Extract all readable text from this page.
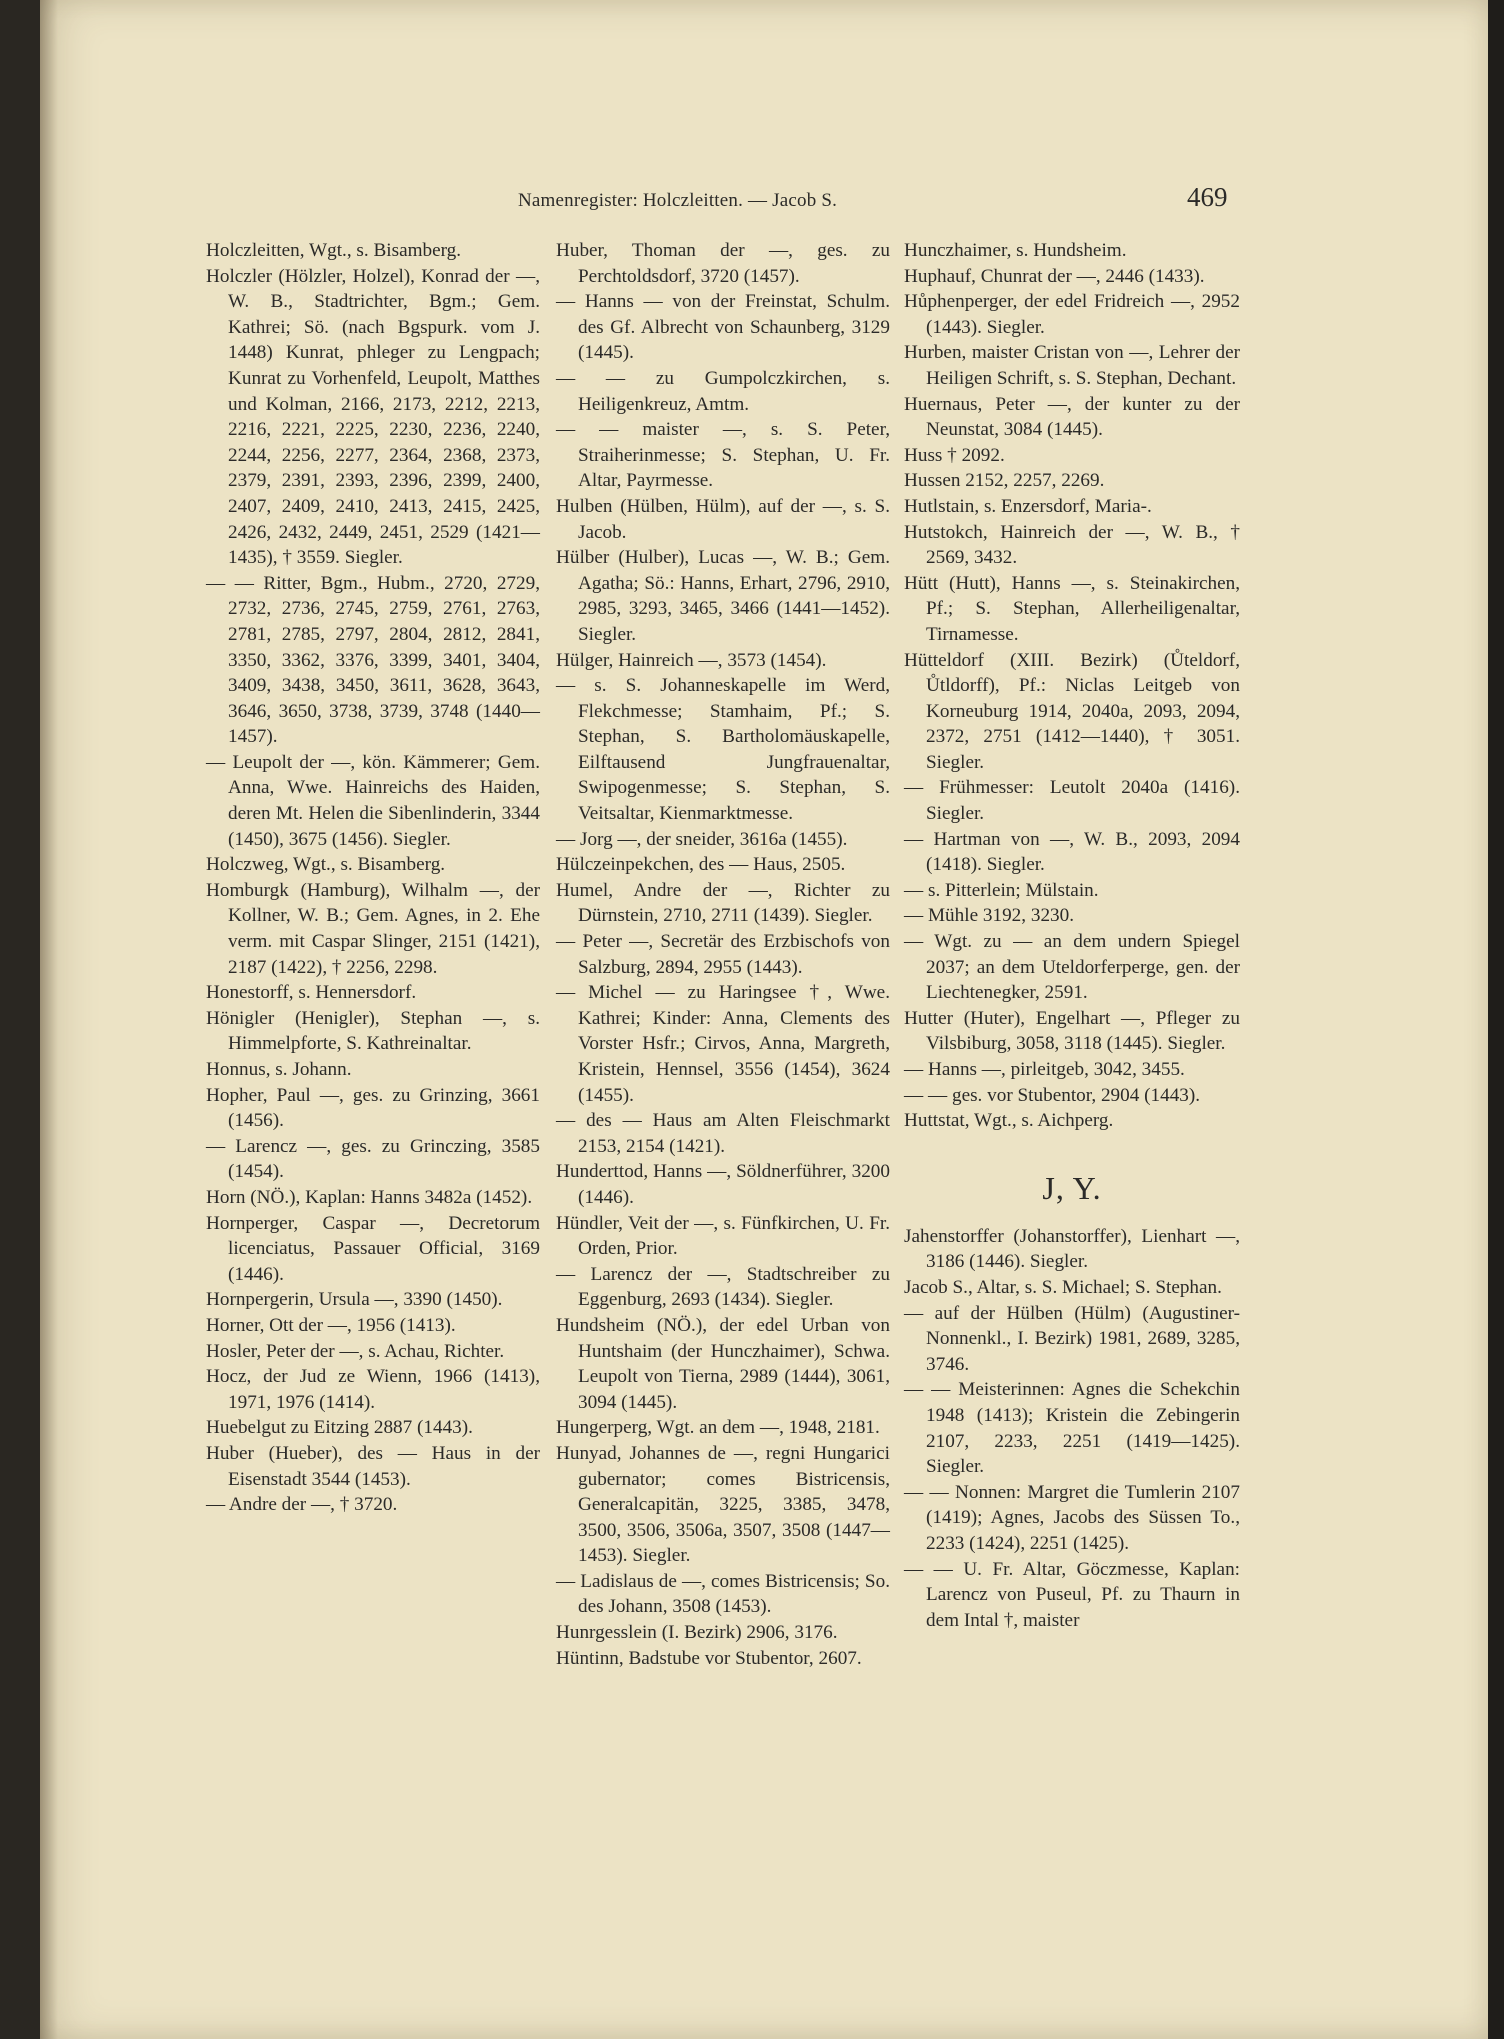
Namenregister: Holczleitten. — Jacob S.	469

Holczleitten, Wgt., s. Bisamberg.

Holczler (Hölzler, Holzel), Konrad der —, W. B., Stadtrichter, Bgm.; Gem. Kathrei; Sö. (nach Bgspurk. vom J. 1448) Kunrat, phleger zu Lengpach; Kunrat zu Vorhenfeld, Leupolt, Matthes und Kolman, 2166, 2173, 2212, 2213, 2216, 2221, 2225, 2230, 2236, 2240, 2244, 2256, 2277, 2364, 2368, 2373, 2379, 2391, 2393, 2396, 2399, 2400, 2407, 2409, 2410, 2413, 2415, 2425, 2426, 2432, 2449, 2451, 2529 (1421—1435), † 3559. Siegler.

— — Ritter, Bgm., Hubm., 2720, 2729, 2732, 2736, 2745, 2759, 2761, 2763, 2781, 2785, 2797, 2804, 2812, 2841, 3350, 3362, 3376, 3399, 3401, 3404, 3409, 3438, 3450, 3611, 3628, 3643, 3646, 3650, 3738, 3739, 3748 (1440—1457).

— Leupolt der —, kön. Kämmerer; Gem. Anna, Wwe. Hainreichs des Haiden, deren Mt. Helen die Sibenlinderin, 3344 (1450), 3675 (1456). Siegler.

Holczweg, Wgt., s. Bisamberg.

Homburgk (Hamburg), Wilhalm —, der Kollner, W. B.; Gem. Agnes, in 2. Ehe verm. mit Caspar Slinger, 2151 (1421), 2187 (1422), † 2256, 2298.

Honestorff, s. Hennersdorf.

Hönigler (Henigler), Stephan —, s. Himmelpforte, S. Kathreinaltar.

Honnus, s. Johann.

Hopher, Paul —, ges. zu Grinzing, 3661 (1456).

— Larencz —, ges. zu Grinczing, 3585 (1454).

Horn (NÖ.), Kaplan: Hanns 3482a (1452).

Hornperger, Caspar —, Decretorum licenciatus, Passauer Official, 3169 (1446).

Hornpergerin, Ursula —, 3390 (1450).

Horner, Ott der —, 1956 (1413).

Hosler, Peter der —, s. Achau, Richter.

Hocz, der Jud ze Wienn, 1966 (1413), 1971, 1976 (1414).

Huebelgut zu Eitzing 2887 (1443).

Huber (Hueber), des — Haus in der Eisenstadt 3544 (1453).

— Andre der —, † 3720.

Huber, Thoman der —, ges. zu Perchtoldsdorf, 3720 (1457).

— Hanns — von der Freinstat, Schulm. des Gf. Albrecht von Schaunberg, 3129 (1445).

— — zu Gumpolczkirchen, s. Heiligenkreuz, Amtm.

— — maister —, s. S. Peter, Straiherinmesse; S. Stephan, U. Fr. Altar, Payrmesse.

Hulben (Hülben, Hülm), auf der —, s. S. Jacob.

Hülber (Hulber), Lucas —, W. B.; Gem. Agatha; Sö.: Hanns, Erhart, 2796, 2910, 2985, 3293, 3465, 3466 (1441—1452). Siegler.

Hülger, Hainreich —, 3573 (1454).

— s. S. Johanneskapelle im Werd, Flekchmesse; Stamhaim, Pf.; S. Stephan, S. Bartholomäuskapelle, Eilftausend Jungfrauenaltar, Swipogenmesse; S. Stephan, S. Veitsaltar, Kienmarktmesse.

— Jorg —, der sneider, 3616a (1455).

Hülczeinpekchen, des — Haus, 2505.

Humel, Andre der —, Richter zu Dürnstein, 2710, 2711 (1439). Siegler.

— Peter —, Secretär des Erzbischofs von Salzburg, 2894, 2955 (1443).

— Michel — zu Haringsee †, Wwe. Kathrei; Kinder: Anna, Clements des Vorster Hsfr.; Cirvos, Anna, Margreth, Kristein, Hennsel, 3556 (1454), 3624 (1455).

— des — Haus am Alten Fleischmarkt 2153, 2154 (1421).

Hunderttod, Hanns —, Söldnerführer, 3200 (1446).

Hündler, Veit der —, s. Fünfkirchen, U. Fr. Orden, Prior.

— Larencz der —, Stadtschreiber zu Eggenburg, 2693 (1434). Siegler.

Hundsheim (NÖ.), der edel Urban von Huntshaim (der Hunczhaimer), Schwa. Leupolt von Tierna, 2989 (1444), 3061, 3094 (1445).

Hungerperg, Wgt. an dem —, 1948, 2181.

Hunyad, Johannes de —, regni Hungarici gubernator; comes Bistricensis, Generalcapitän, 3225, 3385, 3478, 3500, 3506, 3506a, 3507, 3508 (1447—1453). Siegler.

— Ladislaus de —, comes Bistricensis; So. des Johann, 3508 (1453).

Hunrgesslein (I. Bezirk) 2906, 3176.

Hüntinn, Badstube vor Stubentor, 2607.

Hunczhaimer, s. Hundsheim.

Huphauf, Chunrat der —, 2446 (1433).

Hůphenperger, der edel Fridreich —, 2952 (1443). Siegler.

Hurben, maister Cristan von —, Lehrer der Heiligen Schrift, s. S. Stephan, Dechant.

Huernaus, Peter —, der kunter zu der Neunstat, 3084 (1445).

Huss † 2092.

Hussen 2152, 2257, 2269.

Hutlstain, s. Enzersdorf, Maria-.

Hutstokch, Hainreich der —, W. B., † 2569, 3432.

Hütt (Hutt), Hanns —, s. Steinakirchen, Pf.; S. Stephan, Allerheiligenaltar, Tirnamesse.

Hütteldorf (XIII. Bezirk) (Ůteldorf, Ůtldorff), Pf.: Niclas Leitgeb von Korneuburg 1914, 2040a, 2093, 2094, 2372, 2751 (1412—1440), † 3051. Siegler.

— Frühmesser: Leutolt 2040a (1416). Siegler.

— Hartman von —, W. B., 2093, 2094 (1418). Siegler.

— s. Pitterlein; Mülstain.

— Mühle 3192, 3230.

— Wgt. zu — an dem undern Spiegel 2037; an dem Uteldorferperge, gen. der Liechtenegker, 2591.

Hutter (Huter), Engelhart —, Pfleger zu Vilsbiburg, 3058, 3118 (1445). Siegler.

— Hanns —, pirleitgeb, 3042, 3455.

— — ges. vor Stubentor, 2904 (1443).

Huttstat, Wgt., s. Aichperg.

J, Y.

Jahenstorffer (Johanstorffer), Lienhart —, 3186 (1446). Siegler.

Jacob S., Altar, s. S. Michael; S. Stephan.

— auf der Hülben (Hülm) (Augustiner-Nonnenkl., I. Bezirk) 1981, 2689, 3285, 3746.

— — Meisterinnen: Agnes die Schekchin 1948 (1413); Kristein die Zebingerin 2107, 2233, 2251 (1419—1425). Siegler.

— — Nonnen: Margret die Tumlerin 2107 (1419); Agnes, Jacobs des Süssen To., 2233 (1424), 2251 (1425).

— — U. Fr. Altar, Göczmesse, Kaplan: Larencz von Puseul, Pf. zu Thaurn in dem Intal †, maister
